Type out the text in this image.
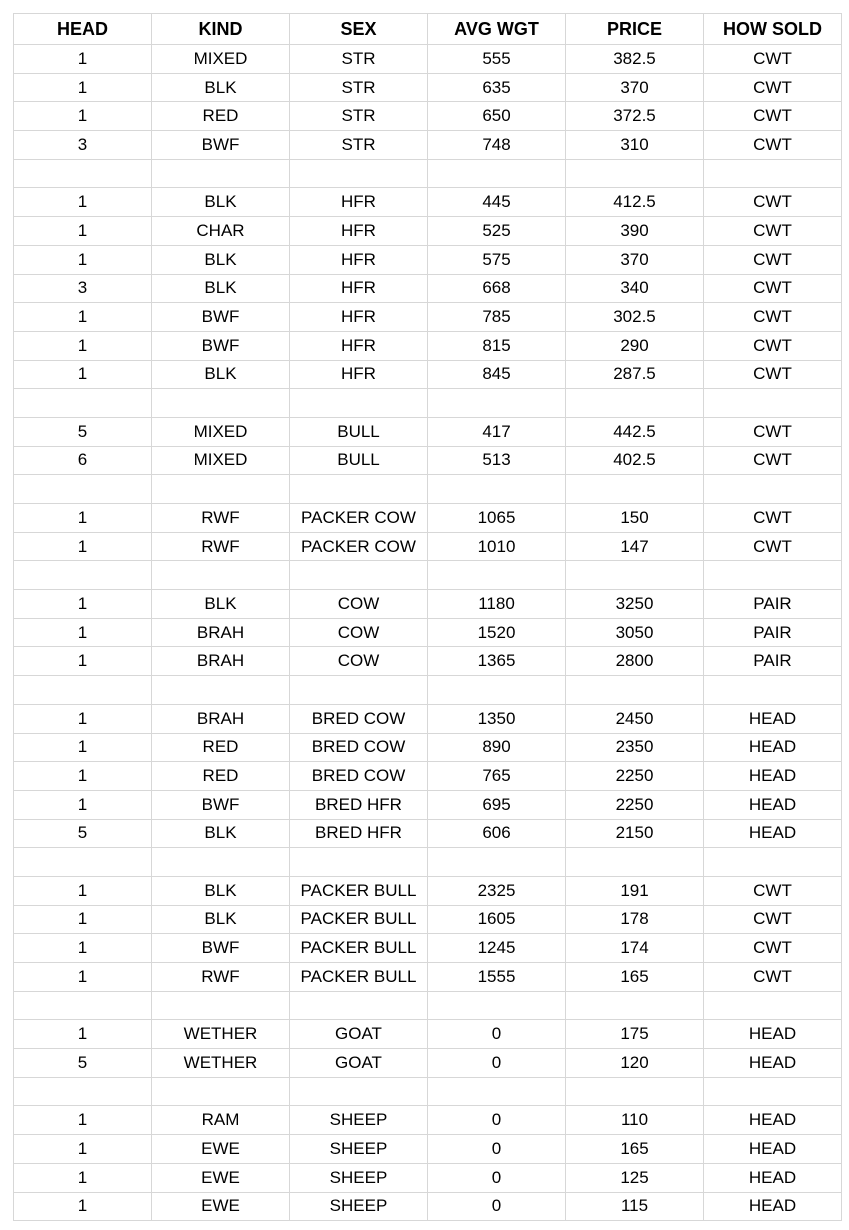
HEAD	KIND	SEX	AVG WGT	PRICE	HOW SOLD
1	MIXED	STR	555	382.5	CWT
1	BLK	STR	635	370	CWT
1	RED	STR	650	372.5	CWT
3	BWF	STR	748	310	CWT

1	BLK	HFR	445	412.5	CWT
1	CHAR	HFR	525	390	CWT
1	BLK	HFR	575	370	CWT
3	BLK	HFR	668	340	CWT
1	BWF	HFR	785	302.5	CWT
1	BWF	HFR	815	290	CWT
1	BLK	HFR	845	287.5	CWT

5	MIXED	BULL	417	442.5	CWT
6	MIXED	BULL	513	402.5	CWT

1	RWF	PACKER COW	1065	150	CWT
1	RWF	PACKER COW	1010	147	CWT

1	BLK	COW	1180	3250	PAIR
1	BRAH	COW	1520	3050	PAIR
1	BRAH	COW	1365	2800	PAIR

1	BRAH	BRED COW	1350	2450	HEAD
1	RED	BRED COW	890	2350	HEAD
1	RED	BRED COW	765	2250	HEAD
1	BWF	BRED HFR	695	2250	HEAD
5	BLK	BRED HFR	606	2150	HEAD

1	BLK	PACKER BULL	2325	191	CWT
1	BLK	PACKER BULL	1605	178	CWT
1	BWF	PACKER BULL	1245	174	CWT
1	RWF	PACKER BULL	1555	165	CWT

1	WETHER	GOAT	0	175	HEAD
5	WETHER	GOAT	0	120	HEAD

1	RAM	SHEEP	0	110	HEAD
1	EWE	SHEEP	0	165	HEAD
1	EWE	SHEEP	0	125	HEAD
1	EWE	SHEEP	0	115	HEAD
